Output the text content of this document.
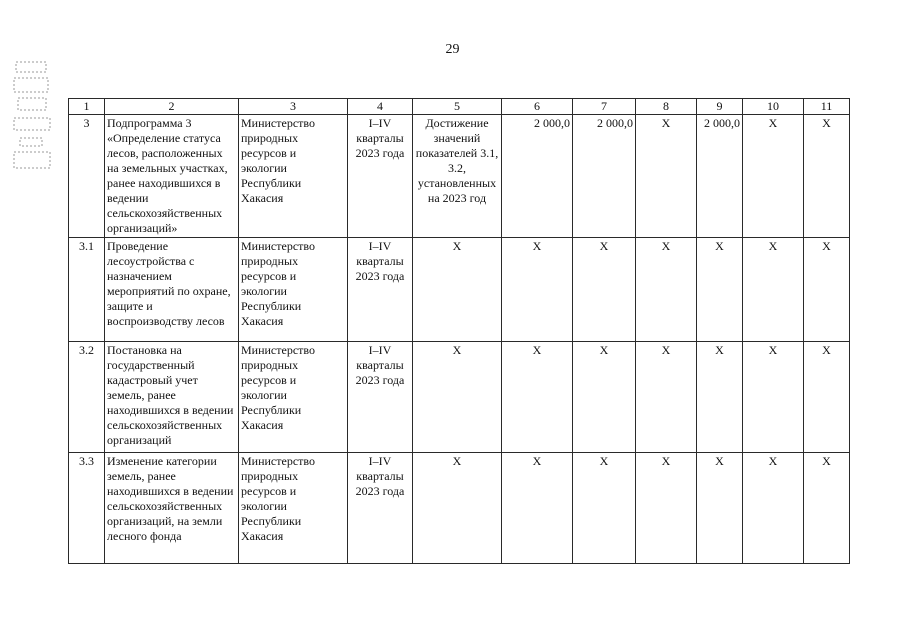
29
1	2	3	4	5	6	7	8	9	10	11
3	Подпрограмма 3 «Определение статуса лесов, расположенных на земельных участках, ранее находившихся в ведении сельскохозяйственных организаций»	Министерство природных ресурсов и экологии Республики Хакасия	I–IV кварталы 2023 года	Достижение значений показателей 3.1, 3.2, установленных на 2023 год	2 000,0	2 000,0	X	2 000,0	X	X
3.1	Проведение лесоустройства с назначением мероприятий по охране, защите и воспроизводству лесов	Министерство природных ресурсов и экологии Республики Хакасия	I–IV кварталы 2023 года	X	X	X	X	X	X	X
3.2	Постановка на государственный кадастровый учет земель, ранее находившихся в ведении сельскохозяйственных организаций	Министерство природных ресурсов и экологии Республики Хакасия	I–IV кварталы 2023 года	X	X	X	X	X	X	X
3.3	Изменение категории земель, ранее находившихся в ведении сельскохозяйственных организаций, на земли лесного фонда	Министерство природных ресурсов и экологии Республики Хакасия	I–IV кварталы 2023 года	X	X	X	X	X	X	X
